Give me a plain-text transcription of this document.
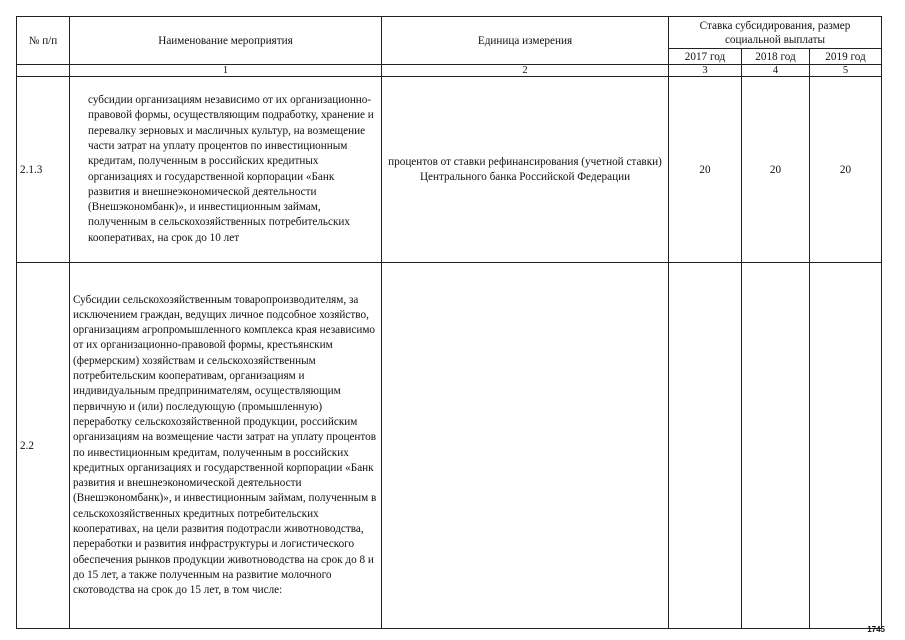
№ п/п	Наименование мероприятия	Единица измерения	Ставка субсидирования, размер социальной выплаты		
			2017 год	2018 год	2019 год
	1	2	3	4	5
2.1.3	субсидии организациям независимо от их организационно-правовой формы, осуществляющим подработку, хранение и перевалку зерновых и масличных культур, на возмещение части затрат на уплату процентов по инвестиционным кредитам, полученным в российских кредитных организациях и государственной корпорации «Банк развития и внешнеэкономической деятельности (Внешэкономбанк)», и инвестиционным займам, полученным в сельскохозяйственных потребительских кооперативах, на срок до 10 лет	процентов от ставки рефинансирования (учетной ставки) Центрального банка Российской Федерации	20	20	20
2.2	Субсидии сельскохозяйственным товаропроизводителям, за исключением граждан, ведущих личное подсобное хозяйство, организациям агропромышленного комплекса края независимо от их организационно-правовой формы, крестьянским (фермерским) хозяйствам и сельскохозяйственным потребительским кооперативам, организациям и индивидуальным предпринимателям, осуществляющим первичную и (или) последующую (промышленную) переработку сельскохозяйственной продукции, российским организациям на возмещение части затрат на уплату процентов по инвестиционным кредитам, полученным в российских кредитных организациях и государственной корпорации «Банк развития и внешнеэкономической деятельности (Внешэкономбанк)», и инвестиционным займам, полученным в сельскохозяйственных кредитных потребительских кооперативах, на цели развития подотрасли животноводства, переработки и развития инфраструктуры и логистического обеспечения рынков продукции животноводства на срок до 8 и до 15 лет, а также полученным на развитие молочного скотоводства на срок до 15 лет, в том числе:				
1745
